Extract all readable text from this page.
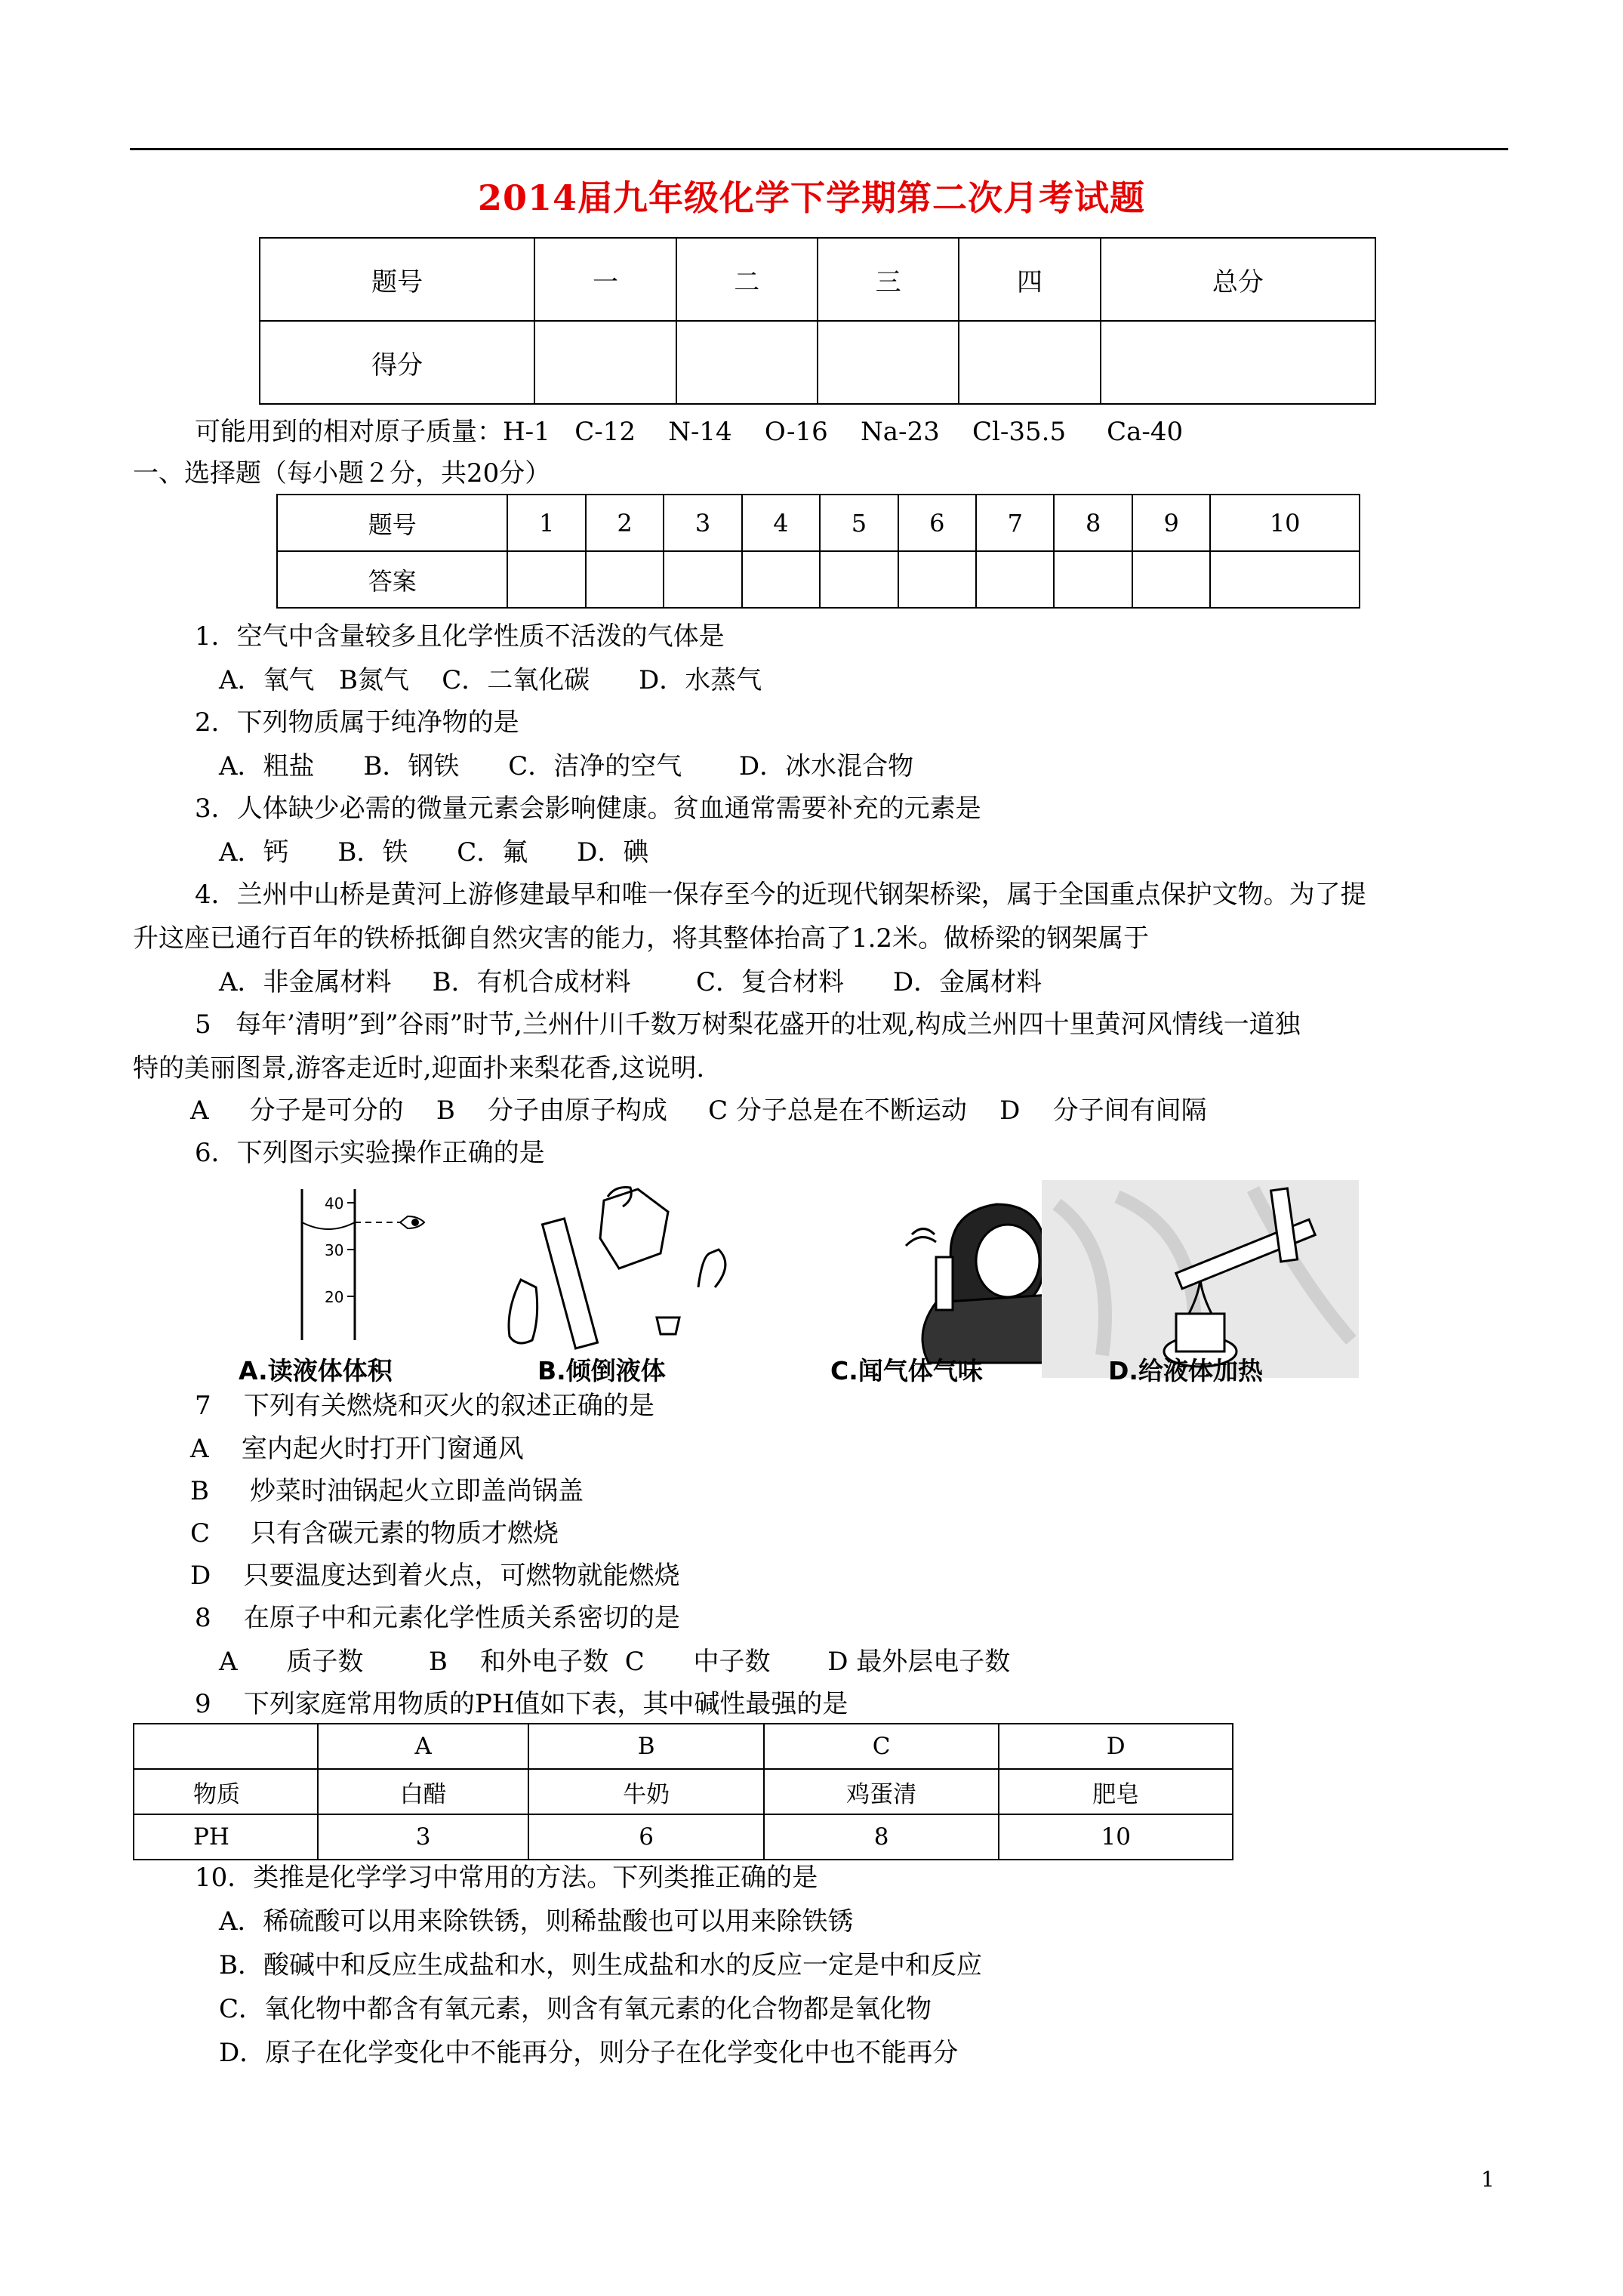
2014届九年级化学下学期第二次月考试题
题号	一	二	三	四	总分
得分					
可能用到的相对原子质量：H-1   C-12    N-14    O-16    Na-23    Cl-35.5     Ca-40
一、选择题（每小题２分，共20分）
题号	1	2	3	4	5	6	7	8	9	10
答案										
1．空气中含量较多且化学性质不活泼的气体是
A．氧气   B氮气    C．二氧化碳      D．水蒸气
2．下列物质属于纯净物的是
A．粗盐      B．钢铁      C．洁净的空气       D．冰水混合物
3．人体缺少必需的微量元素会影响健康。贫血通常需要补充的元素是
A．钙      B．铁      C．氟      D．碘
4．兰州中山桥是黄河上游修建最早和唯一保存至今的近现代钢架桥梁，属于全国重点保护文物。为了提
升这座已通行百年的铁桥抵御自然灾害的能力，将其整体抬高了1.2米。做桥梁的钢架属于
A．非金属材料     B．有机合成材料        C．复合材料      D．金属材料
5   每年’清明”到”谷雨”时节,兰州什川千数万树梨花盛开的壮观,构成兰州四十里黄河风情线一道独
特的美丽图景,游客走近时,迎面扑来梨花香,这说明.
A     分子是可分的    B    分子由原子构成     C 分子总是在不断运动    D    分子间有间隔
6．下列图示实验操作正确的是
40
30
20
A.读液体体积	B.倾倒液体	C.闻气体气味	D.给液体加热
7    下列有关燃烧和灭火的叙述正确的是
A    室内起火时打开门窗通风
B     炒菜时油锅起火立即盖尚锅盖
C     只有含碳元素的物质才燃烧
D    只要温度达到着火点，可燃物就能燃烧
8    在原子中和元素化学性质关系密切的是
A      质子数        B    和外电子数  C      中子数       D 最外层电子数
9    下列家庭常用物质的PH值如下表，其中碱性最强的是
	A	B	C	D
物质	白醋	牛奶	鸡蛋清	肥皂
PH	3	6	8	10
10．类推是化学学习中常用的方法。下列类推正确的是
A．稀硫酸可以用来除铁锈，则稀盐酸也可以用来除铁锈
B．酸碱中和反应生成盐和水，则生成盐和水的反应一定是中和反应
C．氧化物中都含有氧元素，则含有氧元素的化合物都是氧化物
D．原子在化学变化中不能再分，则分子在化学变化中也不能再分
1
